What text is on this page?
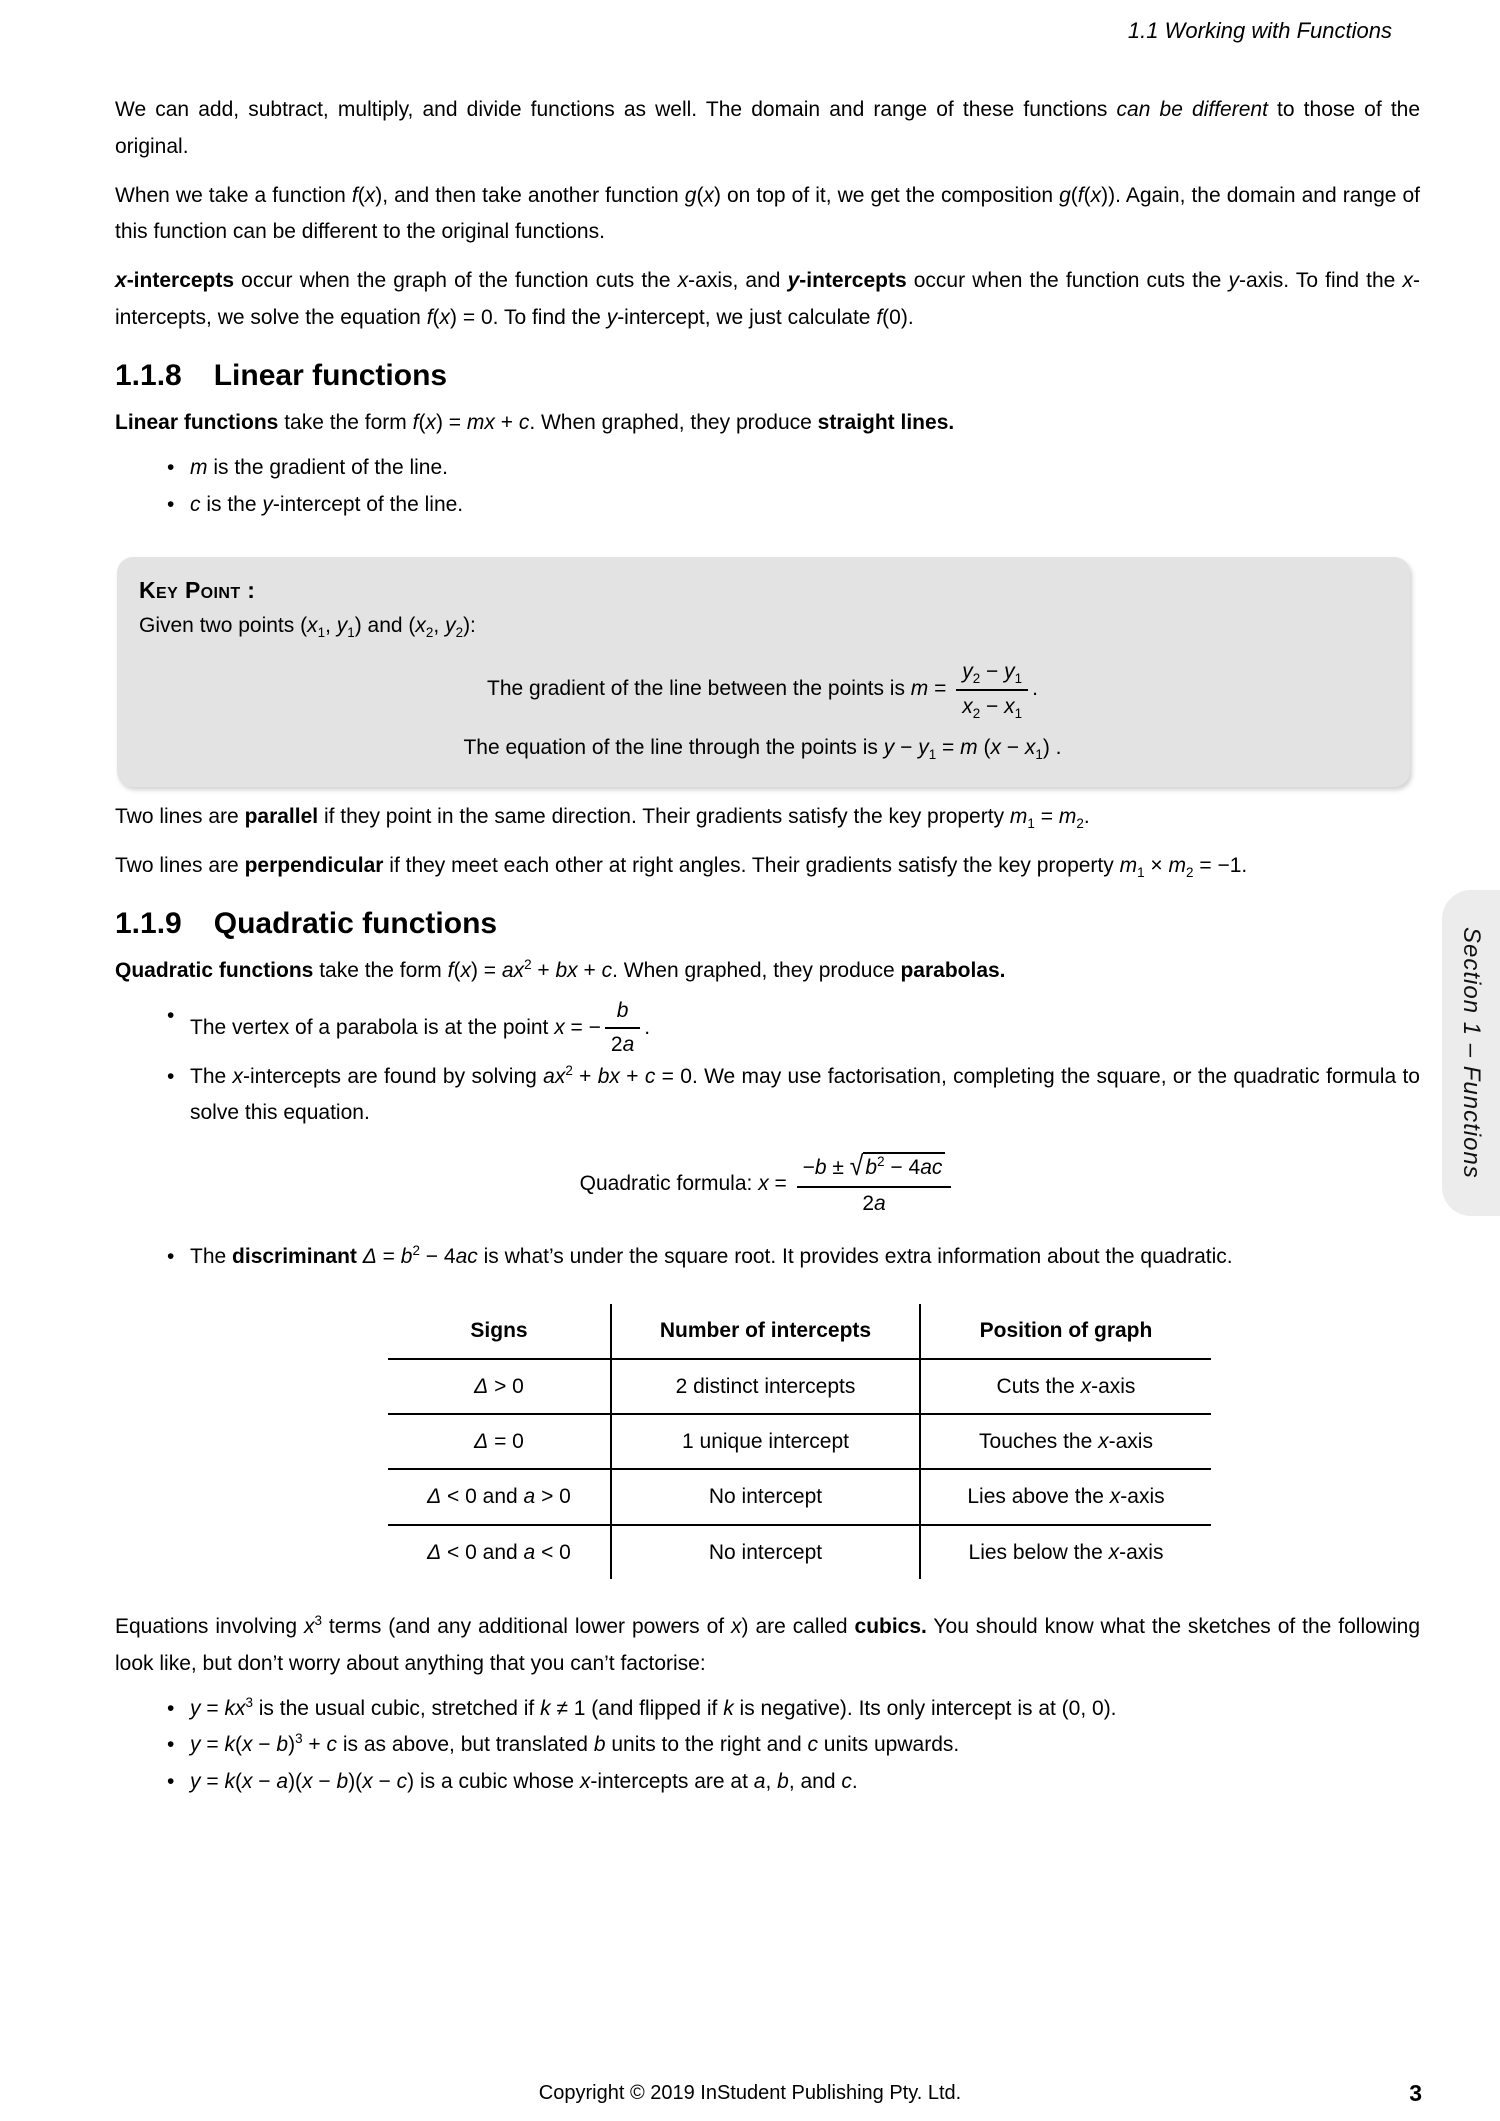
1.1 Working with Functions

We can add, subtract, multiply, and divide functions as well. The domain and range of these functions can be different to those of the original.

When we take a function f(x), and then take another function g(x) on top of it, we get the composition g(f(x)). Again, the domain and range of this function can be different to the original functions.

x-intercepts occur when the graph of the function cuts the x-axis, and y-intercepts occur when the function cuts the y-axis. To find the x-intercepts, we solve the equation f(x) = 0. To find the y-intercept, we just calculate f(0).

1.1.8 Linear functions

Linear functions take the form f(x) = mx + c. When graphed, they produce straight lines.

• m is the gradient of the line.
• c is the y-intercept of the line.
Key Point :
Given two points ($x_1$, $y_1$) and ($x_2$, $y_2$):
The gradient of the line between the points is $m = \frac{y_2 - y_1}{x_2 - x_1}$ .
The equation of the line through the points is $y - y_1 = m$ $(x - x_1)$ .

Two lines are parallel if they point in the same direction. Their gradients satisfy the key property $m_1 = m_2$.

Two lines are perpendicular if they meet each other at right angles. Their gradients satisfy the key property $m_1 \times m_2 = -1$.

1.1.9 Quadratic functions

Quadratic functions take the form $f(x) = ax^2$ + bx + c. When graphed, they produce parabolas.

•
The vertex of a parabola is at the point x = − $\frac{b}{2a}$ .
• The x-intercepts are found by solving $ax^2$ + bx + c = 0. We may use factorisation, completing the square, or the quadratic formula to solve this equation.
Quadratic formula: $x = \frac{-b \pm √b^2 - 4ac}{2a}$
• The discriminant $\Delta = b^2 - 4ac$ is what’s under the square root. It provides extra information about the quadratic.
Signs	Number of intercepts	Position of graph
Δ > 0	2 distinct intercepts	Cuts the x-axis
Δ = 0	1 unique intercept	Touches the x-axis
Δ < 0 and a > 0	No intercept	Lies above the x-axis
Δ < 0 and a < 0	No intercept	Lies below the x-axis

Equations involving $x^3$ terms (and any additional lower powers of x) are called cubics. You should know what the sketches of the following look like, but don’t worry about anything that you can’t factorise:

• $y = kx^3$ is the usual cubic, stretched if k ≠ 1 (and flipped if k is negative). Its only intercept is at (0, 0).
• $y = k(x - b)^3 + c$ is as above, but translated b units to the right and c units upwards.
• y = k(x − a)(x − b)(x − c) is a cubic whose x-intercepts are at a, b, and c.
Section 1 – Functions
Copyright © 2019 InStudent Publishing Pty. Ltd.	3
